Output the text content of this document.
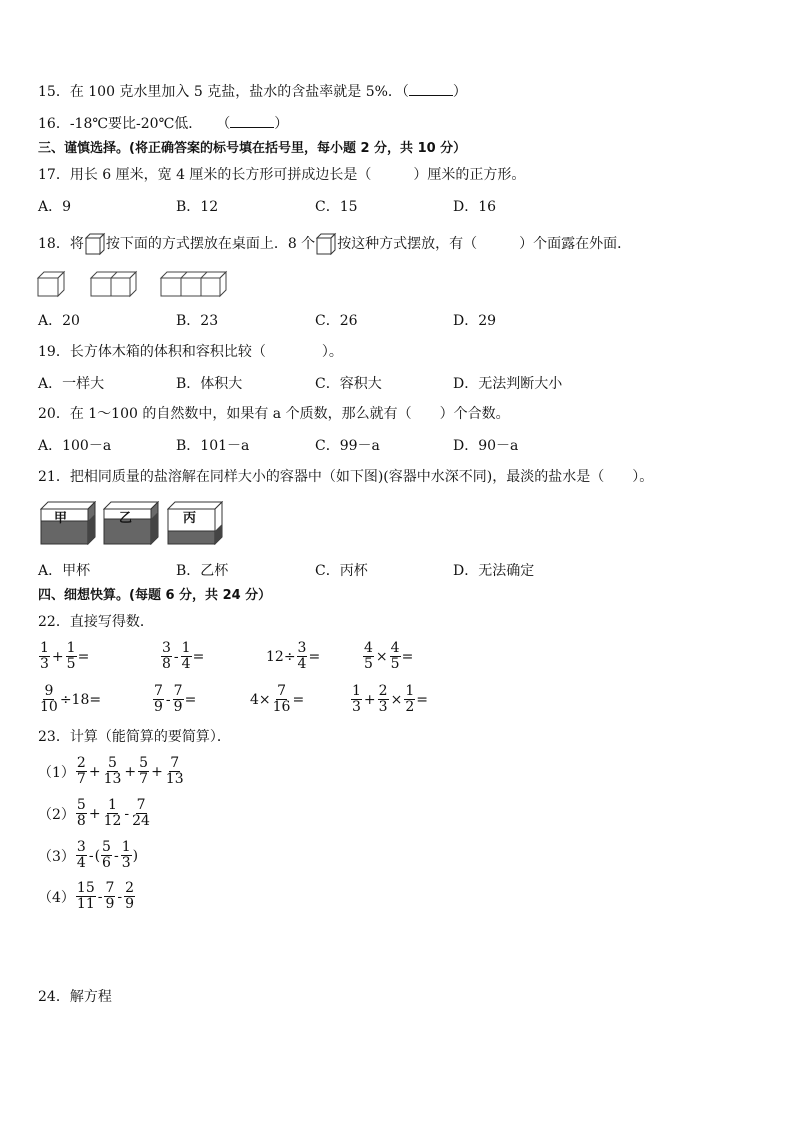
15．在 100 克水里加入 5 克盐，盐水的含盐率就是 5%．（	）
16．-18℃要比-20℃低．　　（	）
三、谨慎选择。(将正确答案的标号填在括号里，每小题 2 分，共 10 分）
17．用长 6 厘米，宽 4 厘米的长方形可拼成边长是（　　　）厘米的正方形。
A．9	B．12	C．15	D．16
18．将 按下面的方式摆放在桌面上．8 个 按这种方式摆放，有（　　　）个面露在外面．
A．20	B．23	C．26	D．29
19．长方体木箱的体积和容积比较（　　　　）。
A．一样大	B．体积大	C．容积大	D．无法判断大小
20．在 1～100 的自然数中，如果有 a 个质数，那么就有（　　）个合数。
A．100－a	B．101－a	C．99－a	D．90－a
21．把相同质量的盐溶解在同样大小的容器中（如下图)(容器中水深不同)，最淡的盐水是（　　）。
甲	乙	丙
A．甲杯	B．乙杯	C．丙杯	D．无法确定
四、细想快算。(每题 6 分，共 24 分）
22．直接写得数．
$\frac{1}{3} + \frac{1}{5}$ =	$\frac{3}{8} - \frac{1}{4}$ =	$12\div \frac{3}{4}$ =	$\frac{4}{5} \times \frac{4}{5}$ =
$\frac{9}{10} \div 18=$	$\frac{7}{9} - \frac{7}{9}$ =	$4\times \frac{7}{16}$ =	$\frac{1}{3} + \frac{2}{3} \times \frac{1}{2}$ =
23．计算（能简算的要简算）．
$(1) \frac{2}{7} + \frac{5}{13} + \frac{5}{7} + \frac{7}{13}$
$(2) \frac{5}{8} + \frac{1}{12} - \frac{7}{24}$
$(3) \frac{3}{4}$ - ( $\frac{5}{6} - \frac{1}{3}$ )
$(4) \frac{15}{11} - \frac{7}{9} - \frac{2}{9}$
24．解方程
